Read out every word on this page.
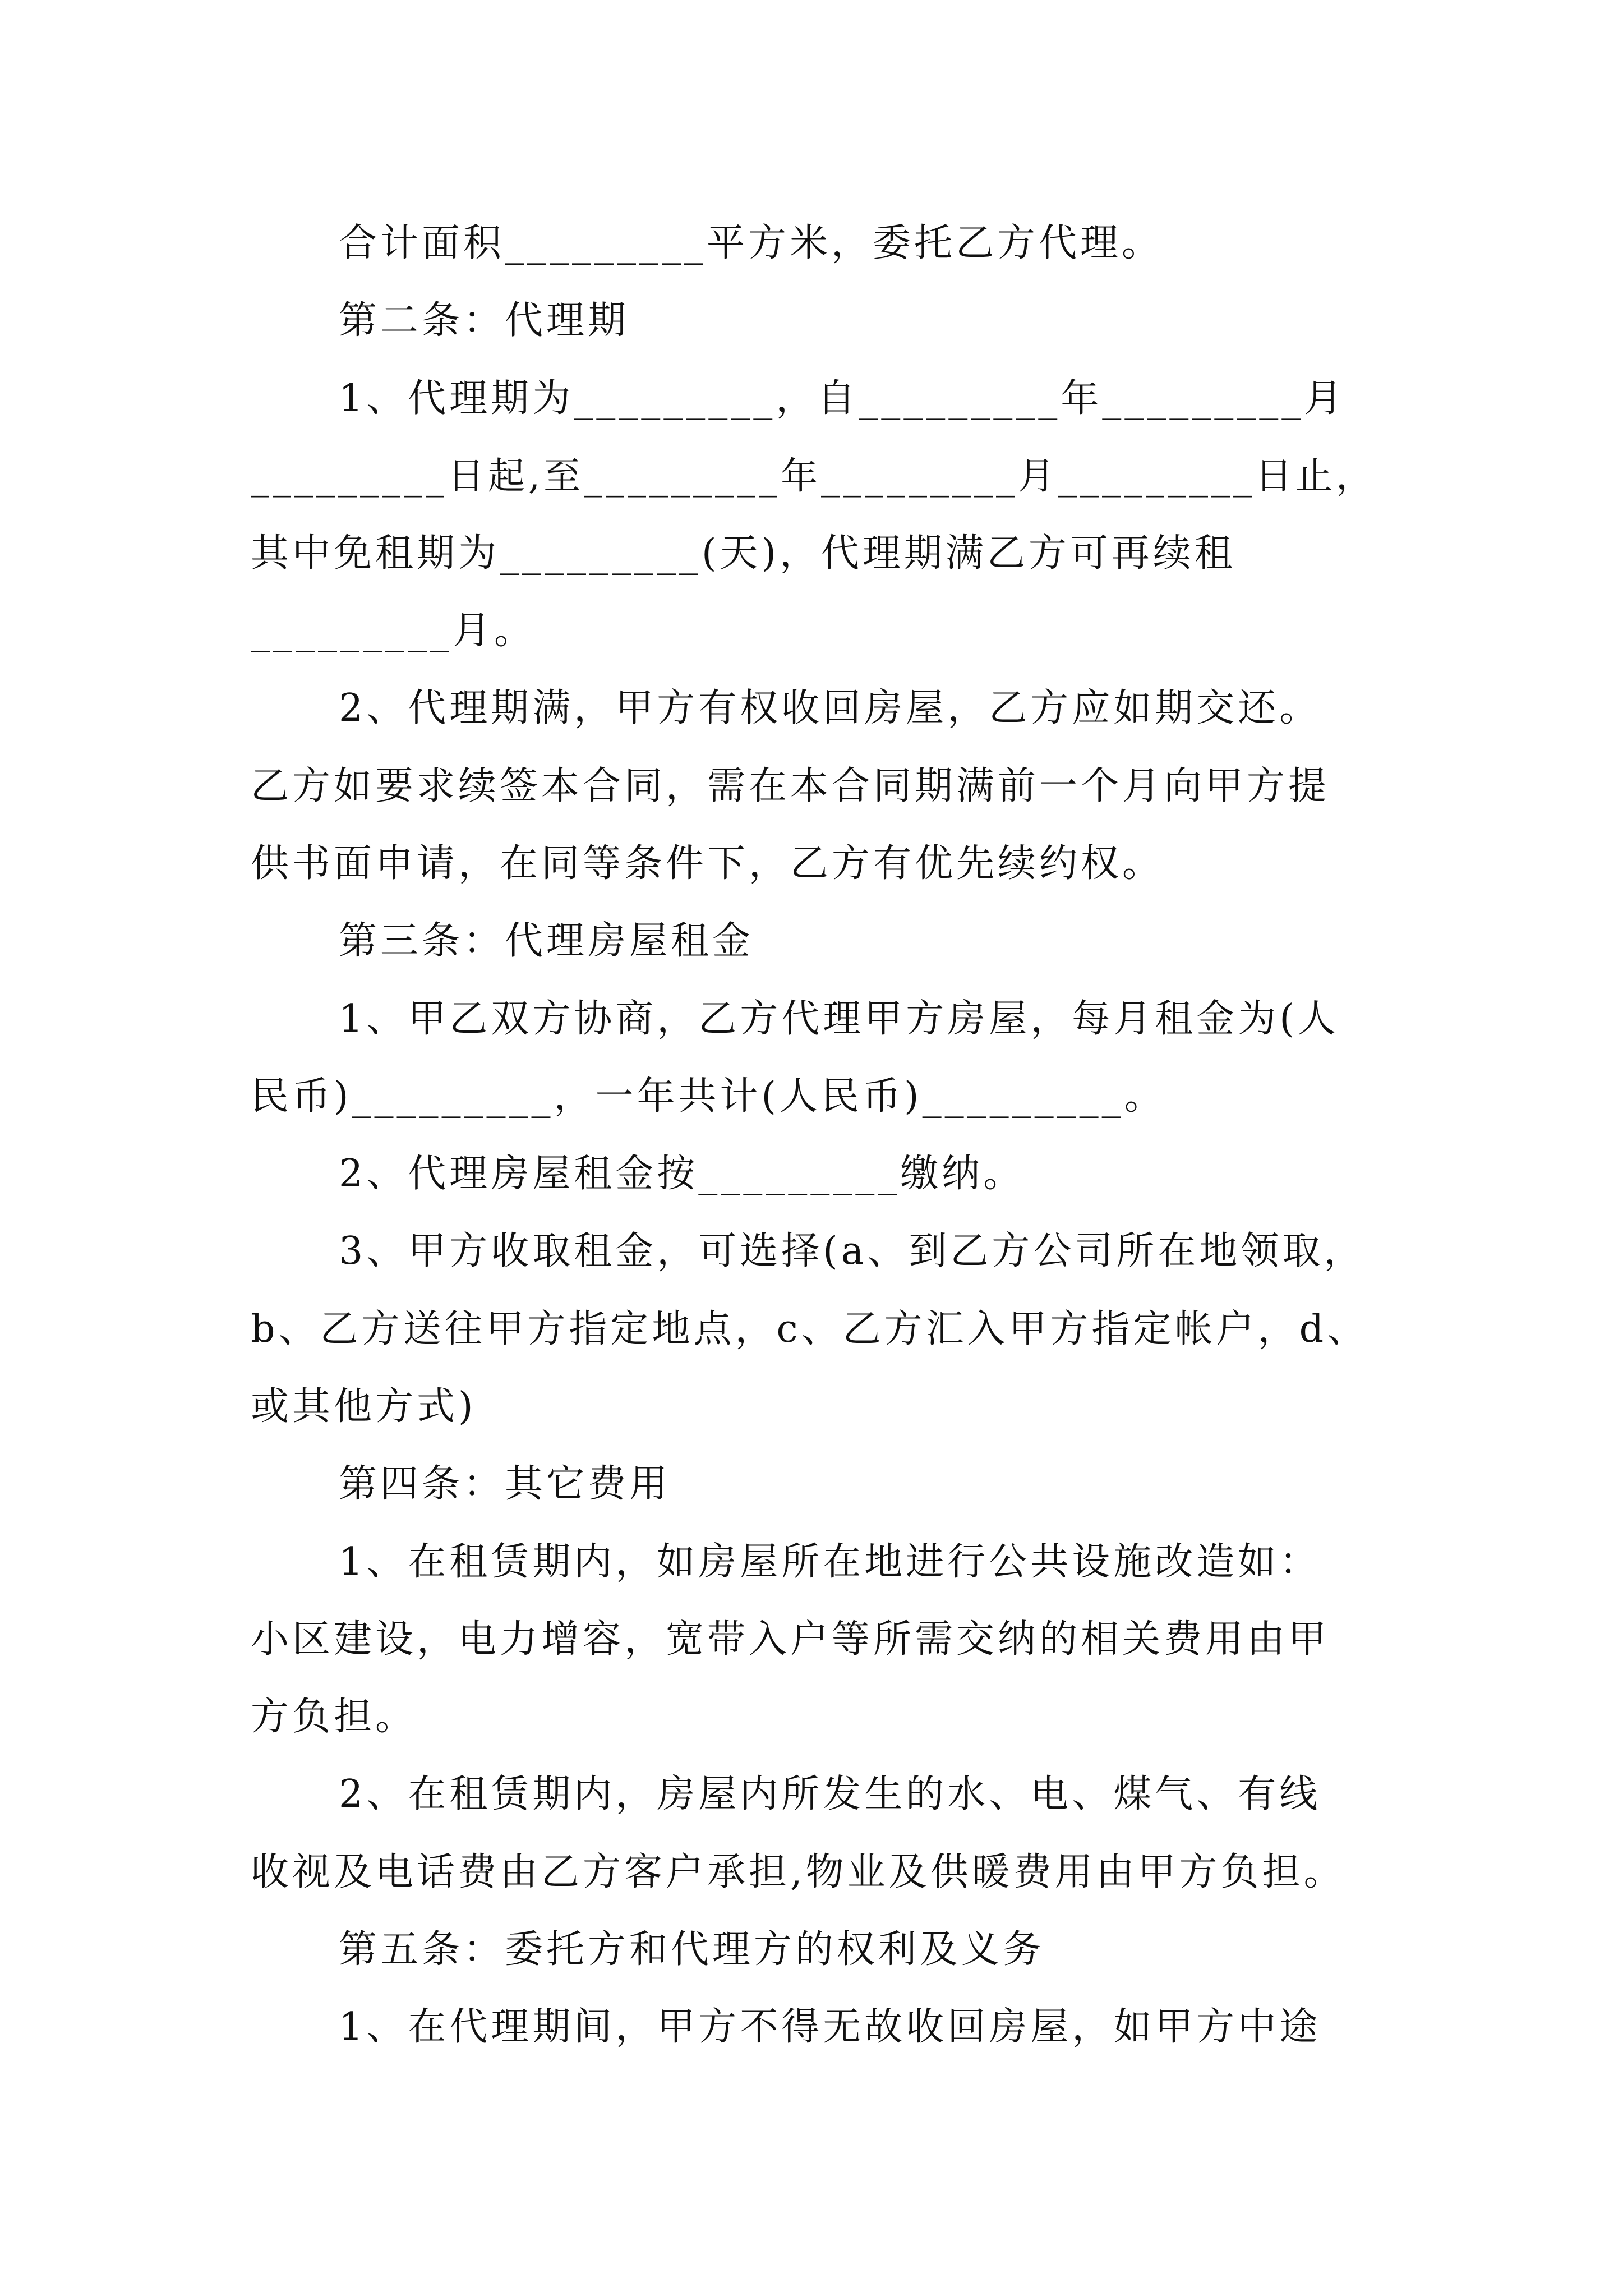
合计面积_________平方米，委托乙方代理。
第二条：代理期
1、代理期为_________，自_________年_________月
_________日起,至_________年_________月_________日止，
其中免租期为_________(天)，代理期满乙方可再续租
_________月。
2、代理期满，甲方有权收回房屋，乙方应如期交还。
乙方如要求续签本合同，需在本合同期满前一个月向甲方提
供书面申请，在同等条件下，乙方有优先续约权。
第三条：代理房屋租金
1、甲乙双方协商，乙方代理甲方房屋，每月租金为(人
民币)_________，一年共计(人民币)_________。
2、代理房屋租金按_________缴纳。
3、甲方收取租金，可选择(a、到乙方公司所在地领取，
b、乙方送往甲方指定地点，c、乙方汇入甲方指定帐户，d、
或其他方式)
第四条：其它费用
1、在租赁期内，如房屋所在地进行公共设施改造如：
小区建设，电力增容，宽带入户等所需交纳的相关费用由甲
方负担。
2、在租赁期内，房屋内所发生的水、电、煤气、有线
收视及电话费由乙方客户承担,物业及供暖费用由甲方负担。
第五条：委托方和代理方的权利及义务
1、在代理期间，甲方不得无故收回房屋，如甲方中途
